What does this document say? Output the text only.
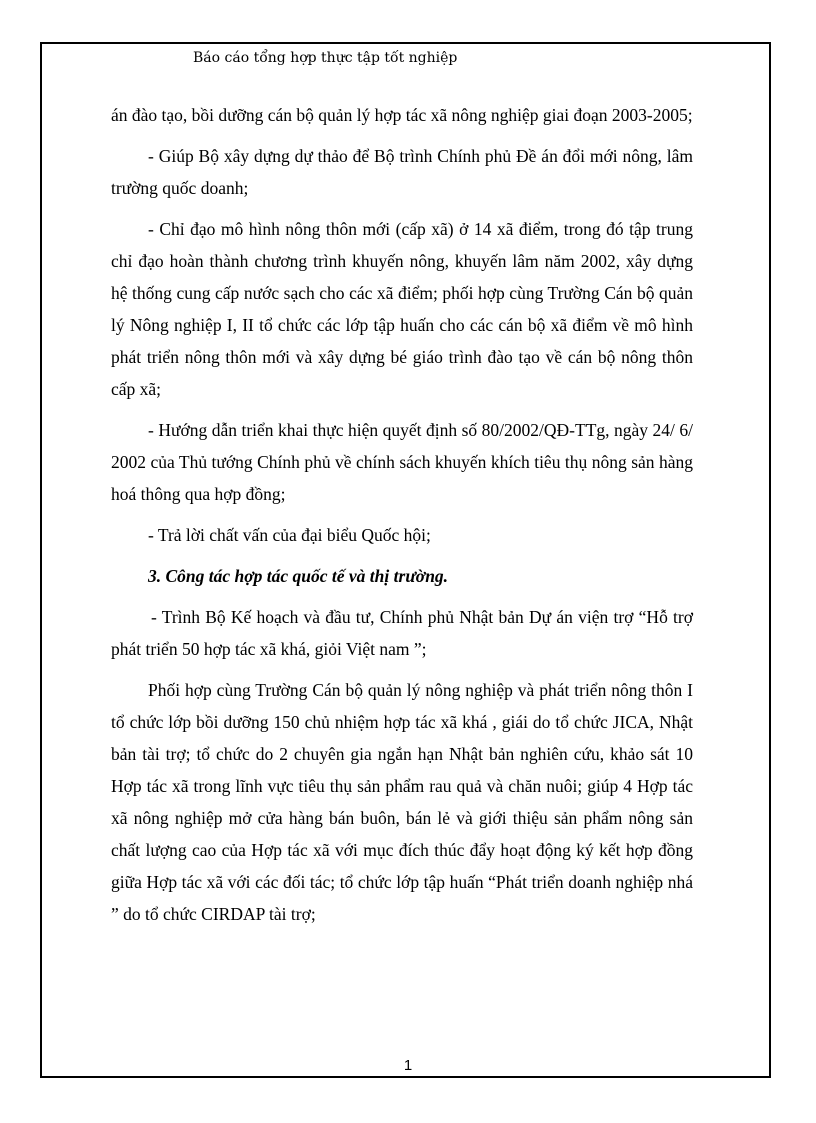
Báo cáo tổng hợp thực tập tốt nghiệp

án đào tạo, bồi dưỡng cán bộ quản lý hợp tác xã nông nghiệp giai đoạn 2003-2005;

- Giúp Bộ xây dựng dự thảo để Bộ trình Chính phủ Đề án đổi mới nông, lâm trường quốc doanh;

- Chỉ đạo mô hình nông thôn mới (cấp xã) ở 14 xã điểm, trong đó tập trung chỉ đạo hoàn thành chương trình khuyến nông, khuyến lâm năm 2002, xây dựng hệ thống cung cấp nước sạch cho các xã điểm; phối hợp cùng Trường Cán bộ quản lý Nông nghiệp I, II tổ chức các lớp tập huấn cho các cán bộ xã điểm về mô hình phát triển nông thôn mới và xây dựng bé giáo trình đào tạo về cán bộ nông thôn cấp xã;

- Hướng dẫn triển khai thực hiện quyết định số 80/2002/QĐ-TTg, ngày 24/ 6/ 2002 của Thủ tướng Chính phủ về chính sách khuyến khích tiêu thụ nông sản hàng hoá thông qua hợp đồng;

- Trả lời chất vấn của đại biểu Quốc hội;

3. Công tác hợp tác quốc tế và thị trường.

- Trình Bộ Kế hoạch và đầu tư, Chính phủ Nhật bản Dự án viện trợ “Hỗ trợ phát triển 50 hợp tác xã khá, giỏi Việt nam ”;

Phối hợp cùng Trường Cán bộ quản lý nông nghiệp và phát triển nông thôn I tổ chức lớp bồi dưỡng 150 chủ nhiệm hợp tác xã khá , giái do tổ chức JICA, Nhật bản tài trợ; tổ chức do 2 chuyên gia ngắn hạn Nhật bản nghiên cứu, khảo sát 10 Hợp tác xã trong lĩnh vực tiêu thụ sản phẩm rau quả và chăn nuôi; giúp 4 Hợp tác xã nông nghiệp mở cửa hàng bán buôn, bán lẻ và giới thiệu sản phẩm nông sản chất lượng cao của Hợp tác xã với mục đích thúc đẩy hoạt động ký kết hợp đồng giữa Hợp tác xã với các đối tác; tổ chức lớp tập huấn “Phát triển doanh nghiệp nhá ” do tổ chức CIRDAP tài trợ;

1
